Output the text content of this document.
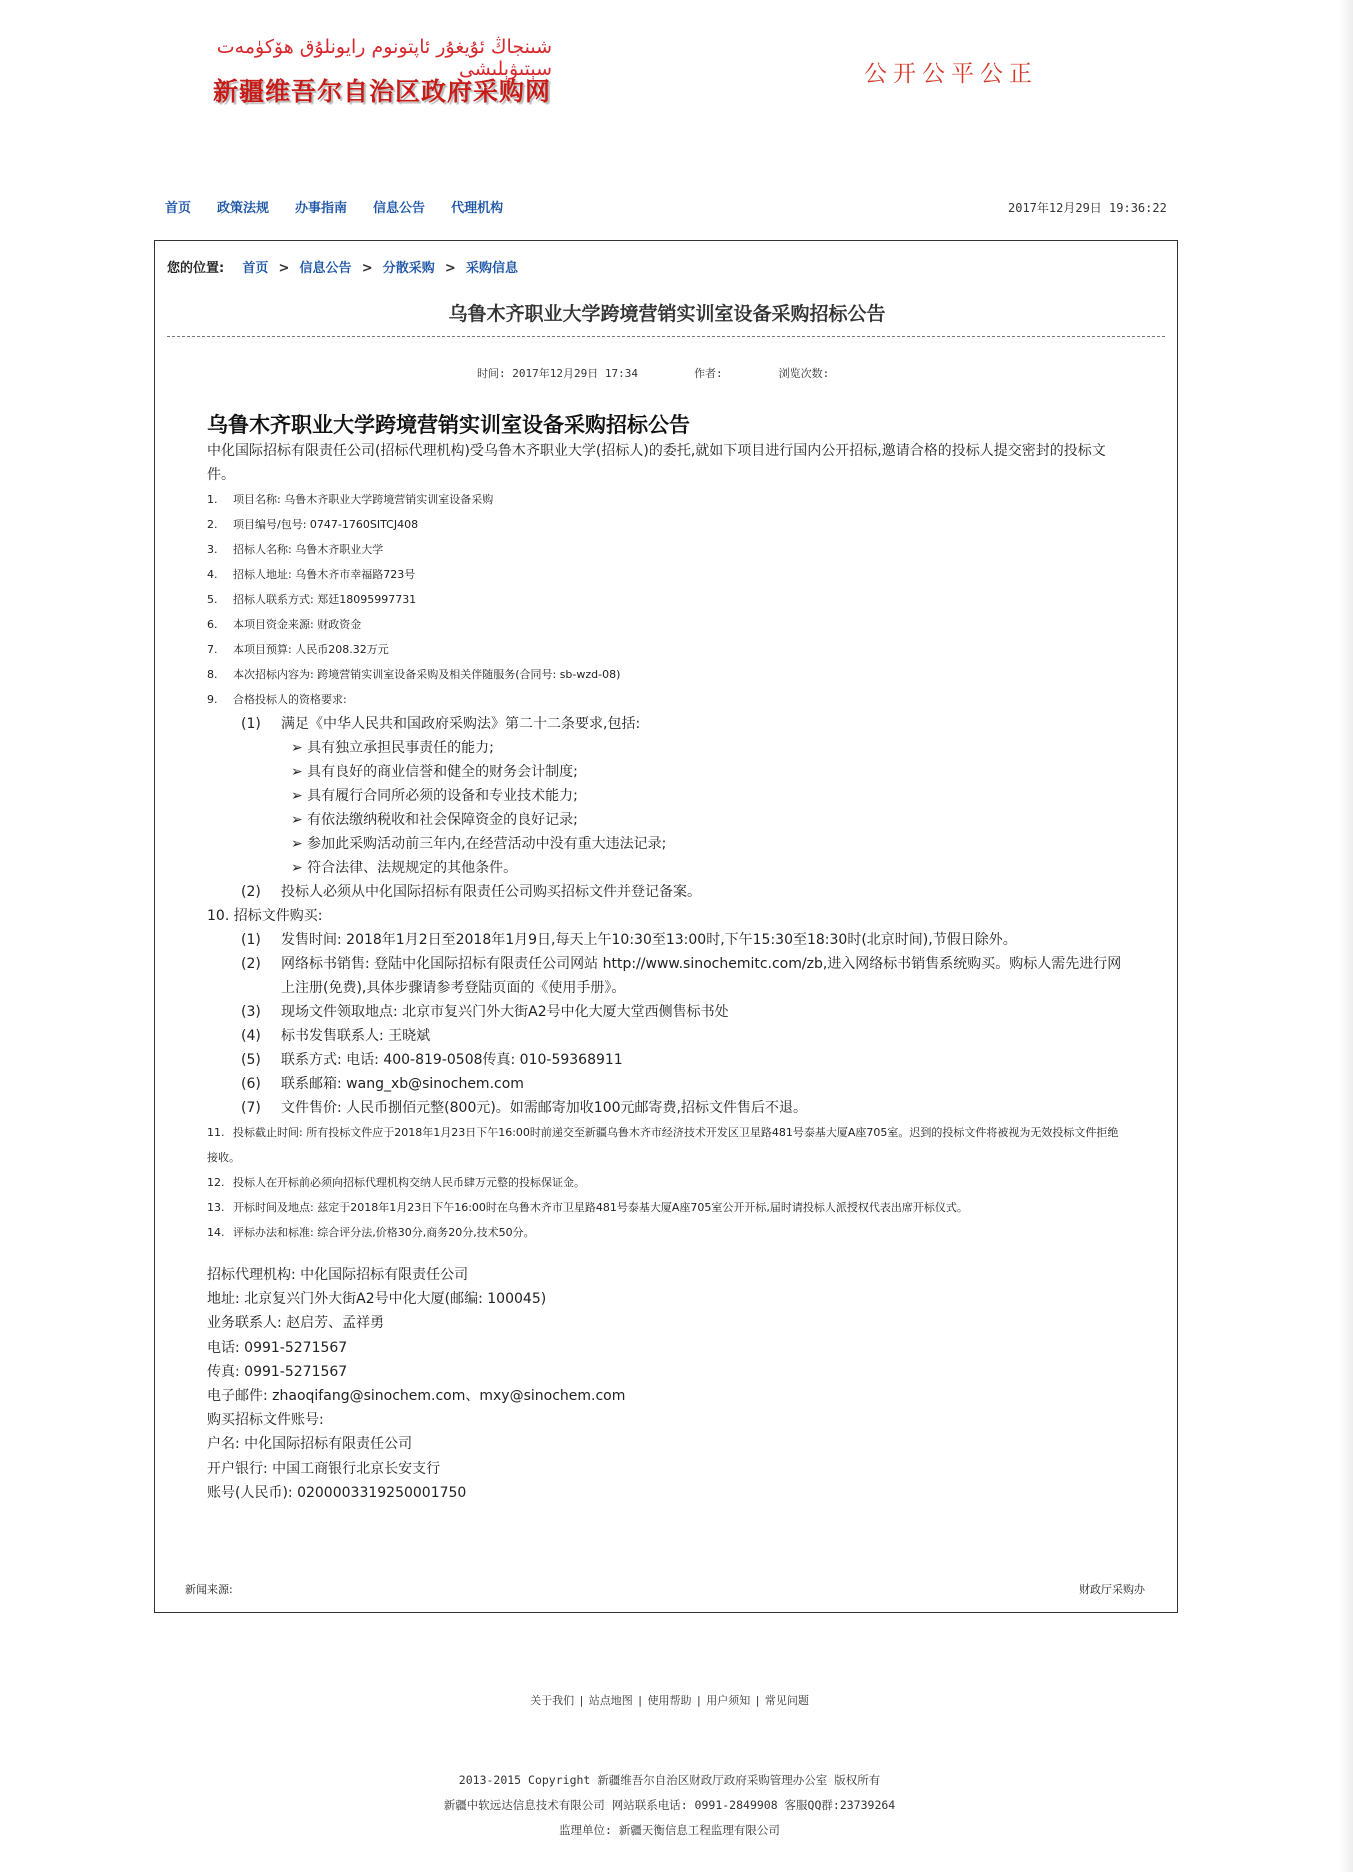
شىنجاڭ ئۇيغۇر ئاپتونوم رايونلۇق ھۆكۈمەت سېتىۋېلىشى
新疆维吾尔自治区政府采购网
公开公平公正
首页 政策法规 办事指南 信息公告 代理机构	2017年12月29日 19:36:22
您的位置: 首页 > 信息公告 > 分散采购 > 采购信息
乌鲁木齐职业大学跨境营销实训室设备采购招标公告
时间: 2017年12月29日 17:34	作者:	浏览次数:
乌鲁木齐职业大学跨境营销实训室设备采购招标公告
中化国际招标有限责任公司(招标代理机构)受乌鲁木齐职业大学(招标人)的委托,就如下项目进行国内公开招标,邀请合格的投标人提交密封的投标文件。
1. 项目名称: 乌鲁木齐职业大学跨境营销实训室设备采购
2. 项目编号/包号: 0747-1760SITCJ408
3. 招标人名称: 乌鲁木齐职业大学
4. 招标人地址: 乌鲁木齐市幸福路723号
5. 招标人联系方式: 郑廷18095997731
6. 本项目资金来源: 财政资金
7. 本项目预算: 人民币208.32万元
8. 本次招标内容为: 跨境营销实训室设备采购及相关伴随服务(合同号: sb-wzd-08)
9. 合格投标人的资格要求:
(1) 满足《中华人民共和国政府采购法》第二十二条要求,包括:
➢ 具有独立承担民事责任的能力;
➢ 具有良好的商业信誉和健全的财务会计制度;
➢ 具有履行合同所必须的设备和专业技术能力;
➢ 有依法缴纳税收和社会保障资金的良好记录;
➢ 参加此采购活动前三年内,在经营活动中没有重大违法记录;
➢ 符合法律、法规规定的其他条件。
(2) 投标人必须从中化国际招标有限责任公司购买招标文件并登记备案。
10. 招标文件购买:
(1) 发售时间: 2018年1月2日至2018年1月9日,每天上午10:30至13:00时,下午15:30至18:30时(北京时间),节假日除外。
(2) 网络标书销售: 登陆中化国际招标有限责任公司网站 http://www.sinochemitc.com/zb,进入网络标书销售系统购买。购标人需先进行网上注册(免费),具体步骤请参考登陆页面的《使用手册》。
(3) 现场文件领取地点: 北京市复兴门外大街A2号中化大厦大堂西侧售标书处
(4) 标书发售联系人: 王晓斌
(5) 联系方式: 电话: 400-819-0508传真: 010-59368911
(6) 联系邮箱: wang_xb@sinochem.com
(7) 文件售价: 人民币捌佰元整(800元)。如需邮寄加收100元邮寄费,招标文件售后不退。
11. 投标截止时间: 所有投标文件应于2018年1月23日下午16:00时前递交至新疆乌鲁木齐市经济技术开发区卫星路481号泰基大厦A座705室。迟到的投标文件将被视为无效投标文件拒绝接收。
12. 投标人在开标前必须向招标代理机构交纳人民币肆万元整的投标保证金。
13. 开标时间及地点: 兹定于2018年1月23日下午16:00时在乌鲁木齐市卫星路481号泰基大厦A座705室公开开标,届时请投标人派授权代表出席开标仪式。
14. 评标办法和标准: 综合评分法,价格30分,商务20分,技术50分。
招标代理机构: 中化国际招标有限责任公司
地址: 北京复兴门外大街A2号中化大厦(邮编: 100045)
业务联系人: 赵启芳、孟祥勇
电话: 0991-5271567
传真: 0991-5271567
电子邮件: zhaoqifang@sinochem.com、mxy@sinochem.com
购买招标文件账号:
户名: 中化国际招标有限责任公司
开户银行: 中国工商银行北京长安支行
账号(人民币): 0200003319250001750
新闻来源:	财政厅采购办
关于我们 | 站点地图 | 使用帮助 | 用户须知 | 常见问题
2013-2015 Copyright 新疆维吾尔自治区财政厅政府采购管理办公室 版权所有
新疆中软远达信息技术有限公司 网站联系电话: 0991-2849908 客服QQ群:23739264
监理单位: 新疆天衡信息工程监理有限公司
